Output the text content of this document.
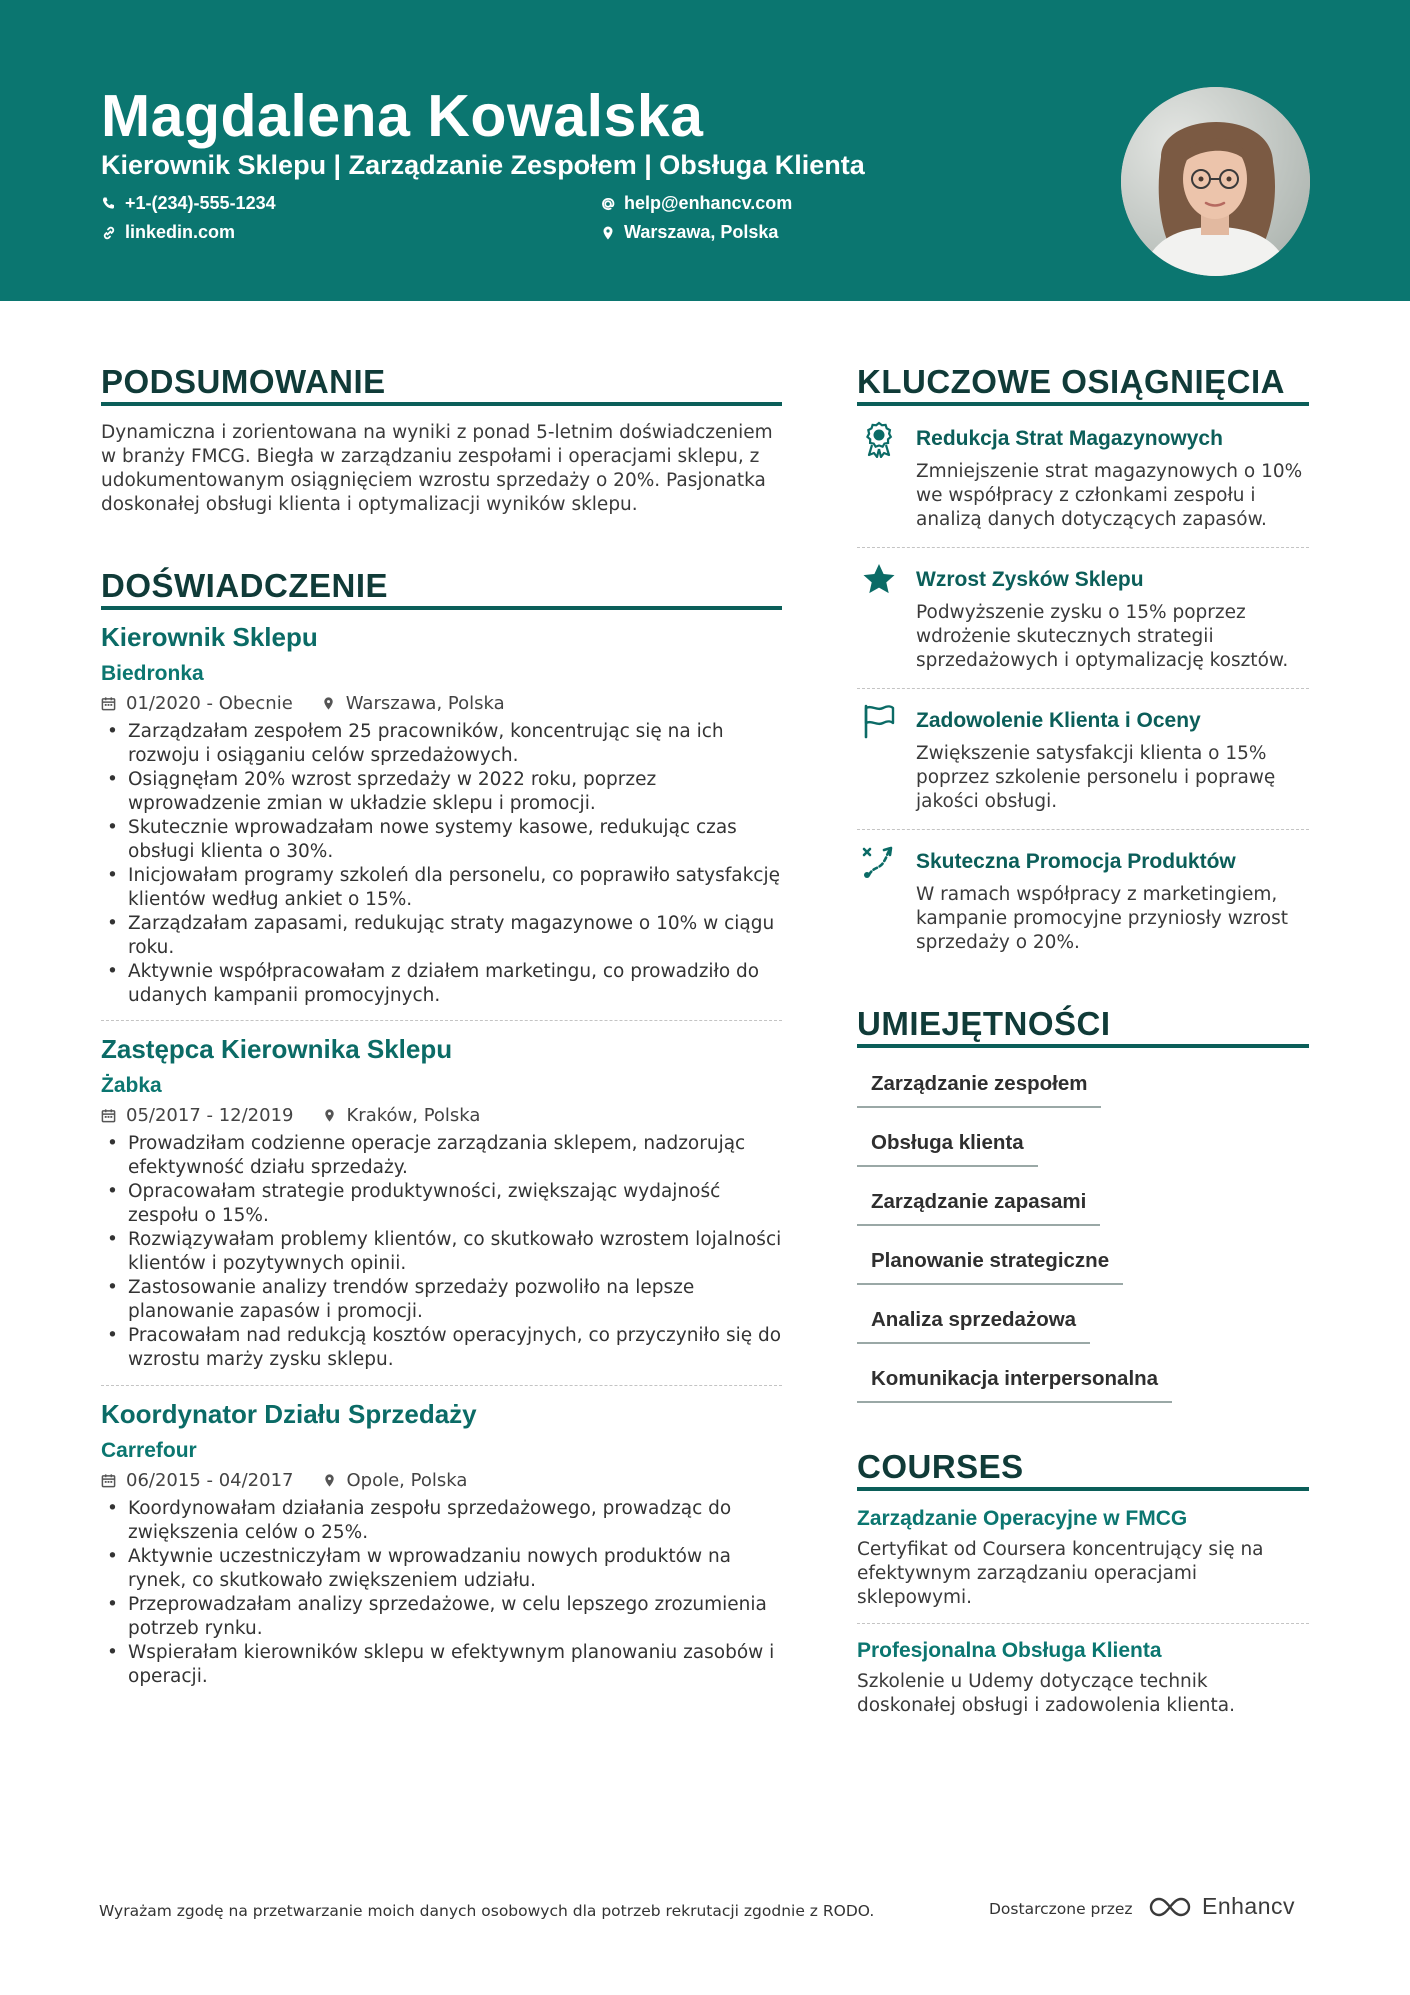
Magdalena Kowalska
Kierownik Sklepu | Zarządzanie Zespołem | Obsługa Klienta
+1-(234)-555-1234	help@enhancv.com
linkedin.com	Warszawa, Polska
PODSUMOWANIE

Dynamiczna i zorientowana na wyniki z ponad 5-letnim doświadczeniem
w branży FMCG. Biegła w zarządzaniu zespołami i operacjami sklepu, z
udokumentowanym osiągnięciem wzrostu sprzedaży o 20%. Pasjonatka
doskonałej obsługi klienta i optymalizacji wyników sklepu.

DOŚWIADCZENIE
Kierownik Sklepu
Biedronka
01/2020 - Obecnie	Warszawa, Polska
• Zarządzałam zespołem 25 pracowników, koncentrując się na ich
rozwoju i osiąganiu celów sprzedażowych.
• Osiągnęłam 20% wzrost sprzedaży w 2022 roku, poprzez
wprowadzenie zmian w układzie sklepu i promocji.
• Skutecznie wprowadzałam nowe systemy kasowe, redukując czas
obsługi klienta o 30%.
• Inicjowałam programy szkoleń dla personelu, co poprawiło satysfakcję
klientów według ankiet o 15%.
• Zarządzałam zapasami, redukując straty magazynowe o 10% w ciągu
roku.
• Aktywnie współpracowałam z działem marketingu, co prowadziło do
udanych kampanii promocyjnych.
Zastępca Kierownika Sklepu
Żabka
05/2017 - 12/2019	Kraków, Polska
• Prowadziłam codzienne operacje zarządzania sklepem, nadzorując
efektywność działu sprzedaży.
• Opracowałam strategie produktywności, zwiększając wydajność
zespołu o 15%.
• Rozwiązywałam problemy klientów, co skutkowało wzrostem lojalności
klientów i pozytywnych opinii.
• Zastosowanie analizy trendów sprzedaży pozwoliło na lepsze
planowanie zapasów i promocji.
• Pracowałam nad redukcją kosztów operacyjnych, co przyczyniło się do
wzrostu marży zysku sklepu.
Koordynator Działu Sprzedaży
Carrefour
06/2015 - 04/2017	Opole, Polska
• Koordynowałam działania zespołu sprzedażowego, prowadząc do
zwiększenia celów o 25%.
• Aktywnie uczestniczyłam w wprowadzaniu nowych produktów na
rynek, co skutkowało zwiększeniem udziału.
• Przeprowadzałam analizy sprzedażowe, w celu lepszego zrozumienia
potrzeb rynku.
• Wspierałam kierowników sklepu w efektywnym planowaniu zasobów i
operacji.
KLUCZOWE OSIĄGNIĘCIA
Redukcja Strat Magazynowych

Zmniejszenie strat magazynowych o 10%
we współpracy z członkami zespołu i
analizą danych dotyczących zapasów.

Wzrost Zysków Sklepu

Podwyższenie zysku o 15% poprzez
wdrożenie skutecznych strategii
sprzedażowych i optymalizację kosztów.

Zadowolenie Klienta i Oceny

Zwiększenie satysfakcji klienta o 15%
poprzez szkolenie personelu i poprawę
jakości obsługi.

Skuteczna Promocja Produktów

W ramach współpracy z marketingiem,
kampanie promocyjne przyniosły wzrost
sprzedaży o 20%.

UMIEJĘTNOŚCI
Zarządzanie zespołem
Obsługa klienta
Zarządzanie zapasami
Planowanie strategiczne
Analiza sprzedażowa
Komunikacja interpersonalna
COURSES
Zarządzanie Operacyjne w FMCG

Certyfikat od Coursera koncentrujący się na
efektywnym zarządzaniu operacjami
sklepowymi.

Profesjonalna Obsługa Klienta

Szkolenie u Udemy dotyczące technik
doskonałej obsługi i zadowolenia klienta.

Wyrażam zgodę na przetwarzanie moich danych osobowych dla potrzeb rekrutacji zgodnie z RODO.	Dostarczone przez	Enhancv
